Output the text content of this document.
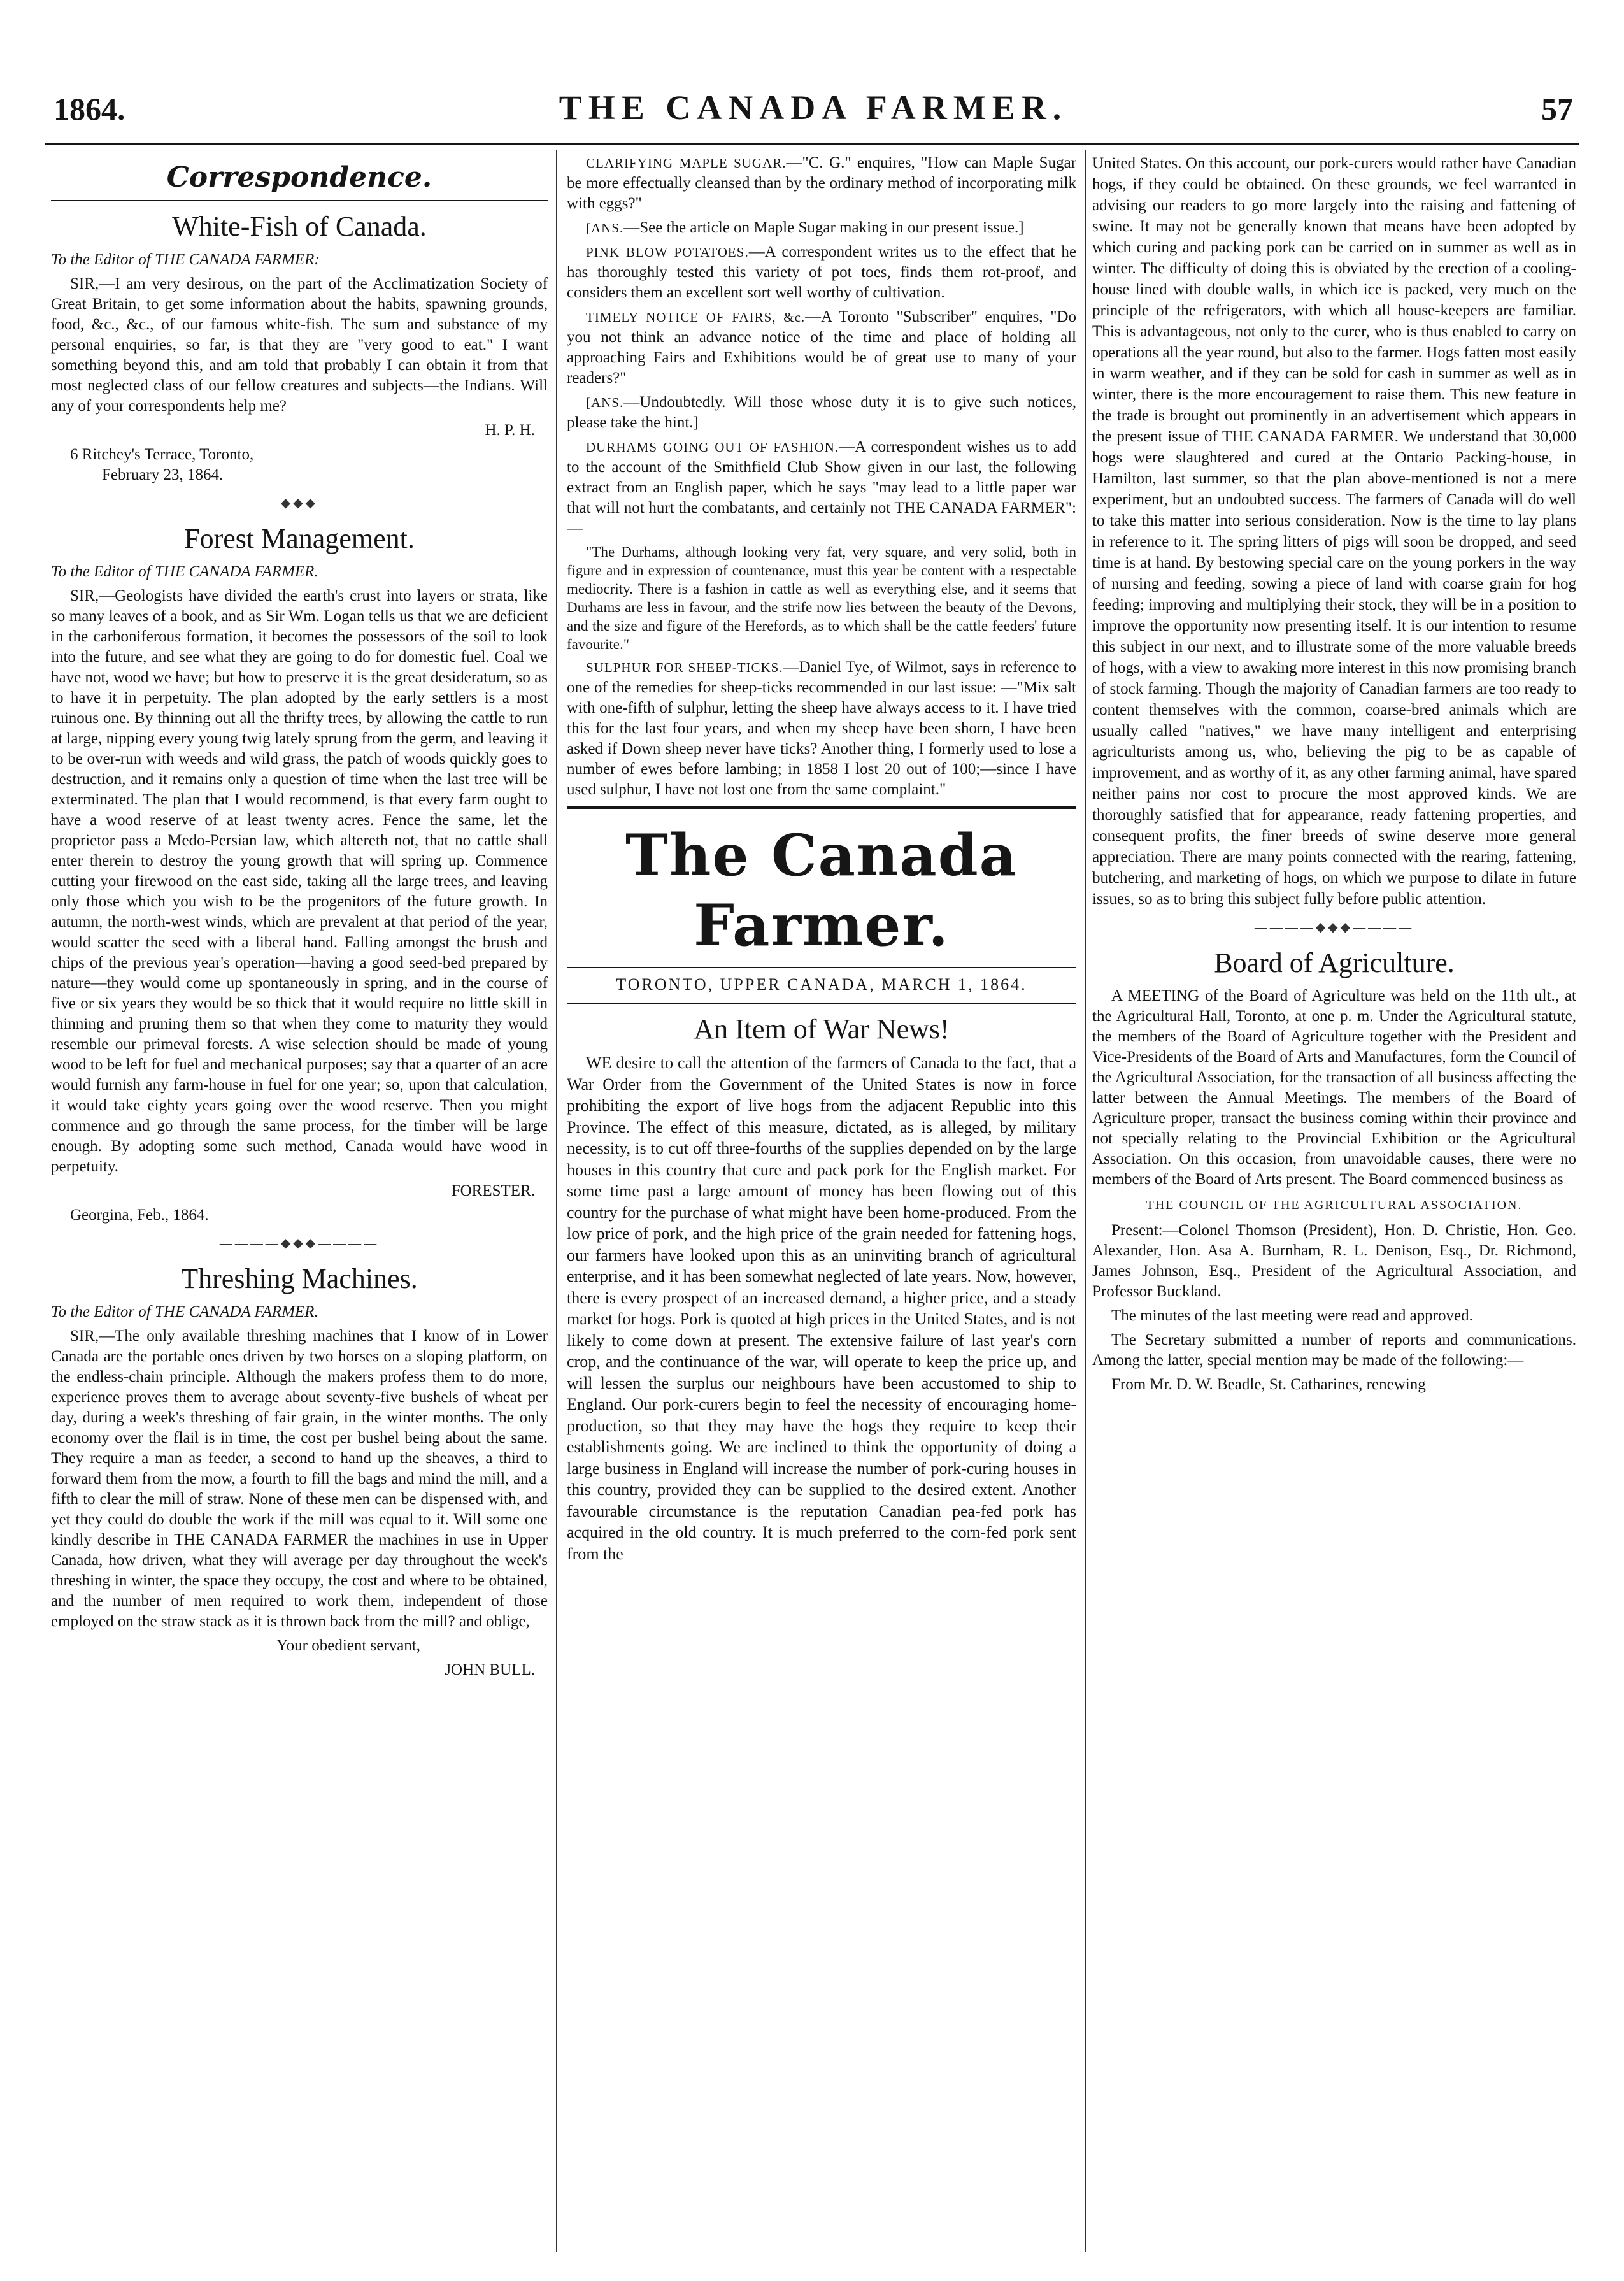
1864.	THE CANADA FARMER.	57
Correspondence.
White-Fish of Canada.
To the Editor of THE CANADA FARMER:

SIR,—I am very desirous, on the part of the Acclimatization Society of Great Britain, to get some information about the habits, spawning grounds, food, &c., &c., of our famous white-fish. The sum and substance of my personal enquiries, so far, is that they are "very good to eat." I want something beyond this, and am told that probably I can obtain it from that most neglected class of our fellow creatures and subjects—the Indians. Will any of your correspondents help me?

H. P. H.
6 Ritchey's Terrace, Toronto,
February 23, 1864.
————◆◆◆————
Forest Management.
To the Editor of THE CANADA FARMER.

SIR,—Geologists have divided the earth's crust into layers or strata, like so many leaves of a book, and as Sir Wm. Logan tells us that we are deficient in the carboniferous formation, it becomes the possessors of the soil to look into the future, and see what they are going to do for domestic fuel. Coal we have not, wood we have; but how to preserve it is the great desideratum, so as to have it in perpetuity. The plan adopted by the early settlers is a most ruinous one. By thinning out all the thrifty trees, by allowing the cattle to run at large, nipping every young twig lately sprung from the germ, and leaving it to be over-run with weeds and wild grass, the patch of woods quickly goes to destruction, and it remains only a question of time when the last tree will be exterminated. The plan that I would recommend, is that every farm ought to have a wood reserve of at least twenty acres. Fence the same, let the proprietor pass a Medo-Persian law, which altereth not, that no cattle shall enter therein to destroy the young growth that will spring up. Commence cutting your firewood on the east side, taking all the large trees, and leaving only those which you wish to be the progenitors of the future growth. In autumn, the north-west winds, which are prevalent at that period of the year, would scatter the seed with a liberal hand. Falling amongst the brush and chips of the previous year's operation—having a good seed-bed prepared by nature—they would come up spontaneously in spring, and in the course of five or six years they would be so thick that it would require no little skill in thinning and pruning them so that when they come to maturity they would resemble our primeval forests. A wise selection should be made of young wood to be left for fuel and mechanical purposes; say that a quarter of an acre would furnish any farm-house in fuel for one year; so, upon that calculation, it would take eighty years going over the wood reserve. Then you might commence and go through the same process, for the timber will be large enough. By adopting some such method, Canada would have wood in perpetuity.

FORESTER.
Georgina, Feb., 1864.
————◆◆◆————
Threshing Machines.
To the Editor of THE CANADA FARMER.

SIR,—The only available threshing machines that I know of in Lower Canada are the portable ones driven by two horses on a sloping platform, on the endless-chain principle. Although the makers profess them to do more, experience proves them to average about seventy-five bushels of wheat per day, during a week's threshing of fair grain, in the winter months. The only economy over the flail is in time, the cost per bushel being about the same. They require a man as feeder, a second to hand up the sheaves, a third to forward them from the mow, a fourth to fill the bags and mind the mill, and a fifth to clear the mill of straw. None of these men can be dispensed with, and yet they could do double the work if the mill was equal to it. Will some one kindly describe in THE CANADA FARMER the machines in use in Upper Canada, how driven, what they will average per day throughout the week's threshing in winter, the space they occupy, the cost and where to be obtained, and the number of men required to work them, independent of those employed on the straw stack as it is thrown back from the mill? and oblige,

Your obedient servant,
JOHN BULL.

CLARIFYING MAPLE SUGAR.—"C. G." enquires, "How can Maple Sugar be more effectually cleansed than by the ordinary method of incorporating milk with eggs?"

[ANS.—See the article on Maple Sugar making in our present issue.]

PINK BLOW POTATOES.—A correspondent writes us to the effect that he has thoroughly tested this variety of pot toes, finds them rot-proof, and considers them an excellent sort well worthy of cultivation.

TIMELY NOTICE OF FAIRS, &c.—A Toronto "Subscriber" enquires, "Do you not think an advance notice of the time and place of holding all approaching Fairs and Exhibitions would be of great use to many of your readers?"

[ANS.—Undoubtedly. Will those whose duty it is to give such notices, please take the hint.]

DURHAMS GOING OUT OF FASHION.—A correspondent wishes us to add to the account of the Smithfield Club Show given in our last, the following extract from an English paper, which he says "may lead to a little paper war that will not hurt the combatants, and certainly not THE CANADA FARMER":—

"The Durhams, although looking very fat, very square, and very solid, both in figure and in expression of countenance, must this year be content with a respectable mediocrity. There is a fashion in cattle as well as everything else, and it seems that Durhams are less in favour, and the strife now lies between the beauty of the Devons, and the size and figure of the Herefords, as to which shall be the cattle feeders' future favourite."

SULPHUR FOR SHEEP-TICKS.—Daniel Tye, of Wilmot, says in reference to one of the remedies for sheep-ticks recommended in our last issue: —"Mix salt with one-fifth of sulphur, letting the sheep have always access to it. I have tried this for the last four years, and when my sheep have been shorn, I have been asked if Down sheep never have ticks? Another thing, I formerly used to lose a number of ewes before lambing; in 1858 I lost 20 out of 100;—since I have used sulphur, I have not lost one from the same complaint."

The Canada Farmer.
TORONTO, UPPER CANADA, MARCH 1, 1864.
An Item of War News!

WE desire to call the attention of the farmers of Canada to the fact, that a War Order from the Government of the United States is now in force prohibiting the export of live hogs from the adjacent Republic into this Province. The effect of this measure, dictated, as is alleged, by military necessity, is to cut off three-fourths of the supplies depended on by the large houses in this country that cure and pack pork for the English market. For some time past a large amount of money has been flowing out of this country for the purchase of what might have been home-produced. From the low price of pork, and the high price of the grain needed for fattening hogs, our farmers have looked upon this as an uninviting branch of agricultural enterprise, and it has been somewhat neglected of late years. Now, however, there is every prospect of an increased demand, a higher price, and a steady market for hogs. Pork is quoted at high prices in the United States, and is not likely to come down at present. The extensive failure of last year's corn crop, and the continuance of the war, will operate to keep the price up, and will lessen the surplus our neighbours have been accustomed to ship to England. Our pork-curers begin to feel the necessity of encouraging home-production, so that they may have the hogs they require to keep their establishments going. We are inclined to think the opportunity of doing a large business in England will increase the number of pork-curing houses in this country, provided they can be supplied to the desired extent. Another favourable circumstance is the reputation Canadian pea-fed pork has acquired in the old country. It is much preferred to the corn-fed pork sent from the

United States. On this account, our pork-curers would rather have Canadian hogs, if they could be obtained. On these grounds, we feel warranted in advising our readers to go more largely into the raising and fattening of swine. It may not be generally known that means have been adopted by which curing and packing pork can be carried on in summer as well as in winter. The difficulty of doing this is obviated by the erection of a cooling-house lined with double walls, in which ice is packed, very much on the principle of the refrigerators, with which all house-keepers are familiar. This is advantageous, not only to the curer, who is thus enabled to carry on operations all the year round, but also to the farmer. Hogs fatten most easily in warm weather, and if they can be sold for cash in summer as well as in winter, there is the more encouragement to raise them. This new feature in the trade is brought out prominently in an advertisement which appears in the present issue of THE CANADA FARMER. We understand that 30,000 hogs were slaughtered and cured at the Ontario Packing-house, in Hamilton, last summer, so that the plan above-mentioned is not a mere experiment, but an undoubted success. The farmers of Canada will do well to take this matter into serious consideration. Now is the time to lay plans in reference to it. The spring litters of pigs will soon be dropped, and seed time is at hand. By bestowing special care on the young porkers in the way of nursing and feeding, sowing a piece of land with coarse grain for hog feeding; improving and multiplying their stock, they will be in a position to improve the opportunity now presenting itself. It is our intention to resume this subject in our next, and to illustrate some of the more valuable breeds of hogs, with a view to awaking more interest in this now promising branch of stock farming. Though the majority of Canadian farmers are too ready to content themselves with the common, coarse-bred animals which are usually called "natives," we have many intelligent and enterprising agriculturists among us, who, believing the pig to be as capable of improvement, and as worthy of it, as any other farming animal, have spared neither pains nor cost to procure the most approved kinds. We are thoroughly satisfied that for appearance, ready fattening properties, and consequent profits, the finer breeds of swine deserve more general appreciation. There are many points connected with the rearing, fattening, butchering, and marketing of hogs, on which we purpose to dilate in future issues, so as to bring this subject fully before public attention.

————◆◆◆————
Board of Agriculture.

A MEETING of the Board of Agriculture was held on the 11th ult., at the Agricultural Hall, Toronto, at one p. m. Under the Agricultural statute, the members of the Board of Agriculture together with the President and Vice-Presidents of the Board of Arts and Manufactures, form the Council of the Agricultural Association, for the transaction of all business affecting the latter between the Annual Meetings. The members of the Board of Agriculture proper, transact the business coming within their province and not specially relating to the Provincial Exhibition or the Agricultural Association. On this occasion, from unavoidable causes, there were no members of the Board of Arts present. The Board commenced business as

THE COUNCIL OF THE AGRICULTURAL ASSOCIATION.

Present:—Colonel Thomson (President), Hon. D. Christie, Hon. Geo. Alexander, Hon. Asa A. Burnham, R. L. Denison, Esq., Dr. Richmond, James Johnson, Esq., President of the Agricultural Association, and Professor Buckland.

The minutes of the last meeting were read and approved.

The Secretary submitted a number of reports and communications. Among the latter, special mention may be made of the following:—

From Mr. D. W. Beadle, St. Catharines, renewing
